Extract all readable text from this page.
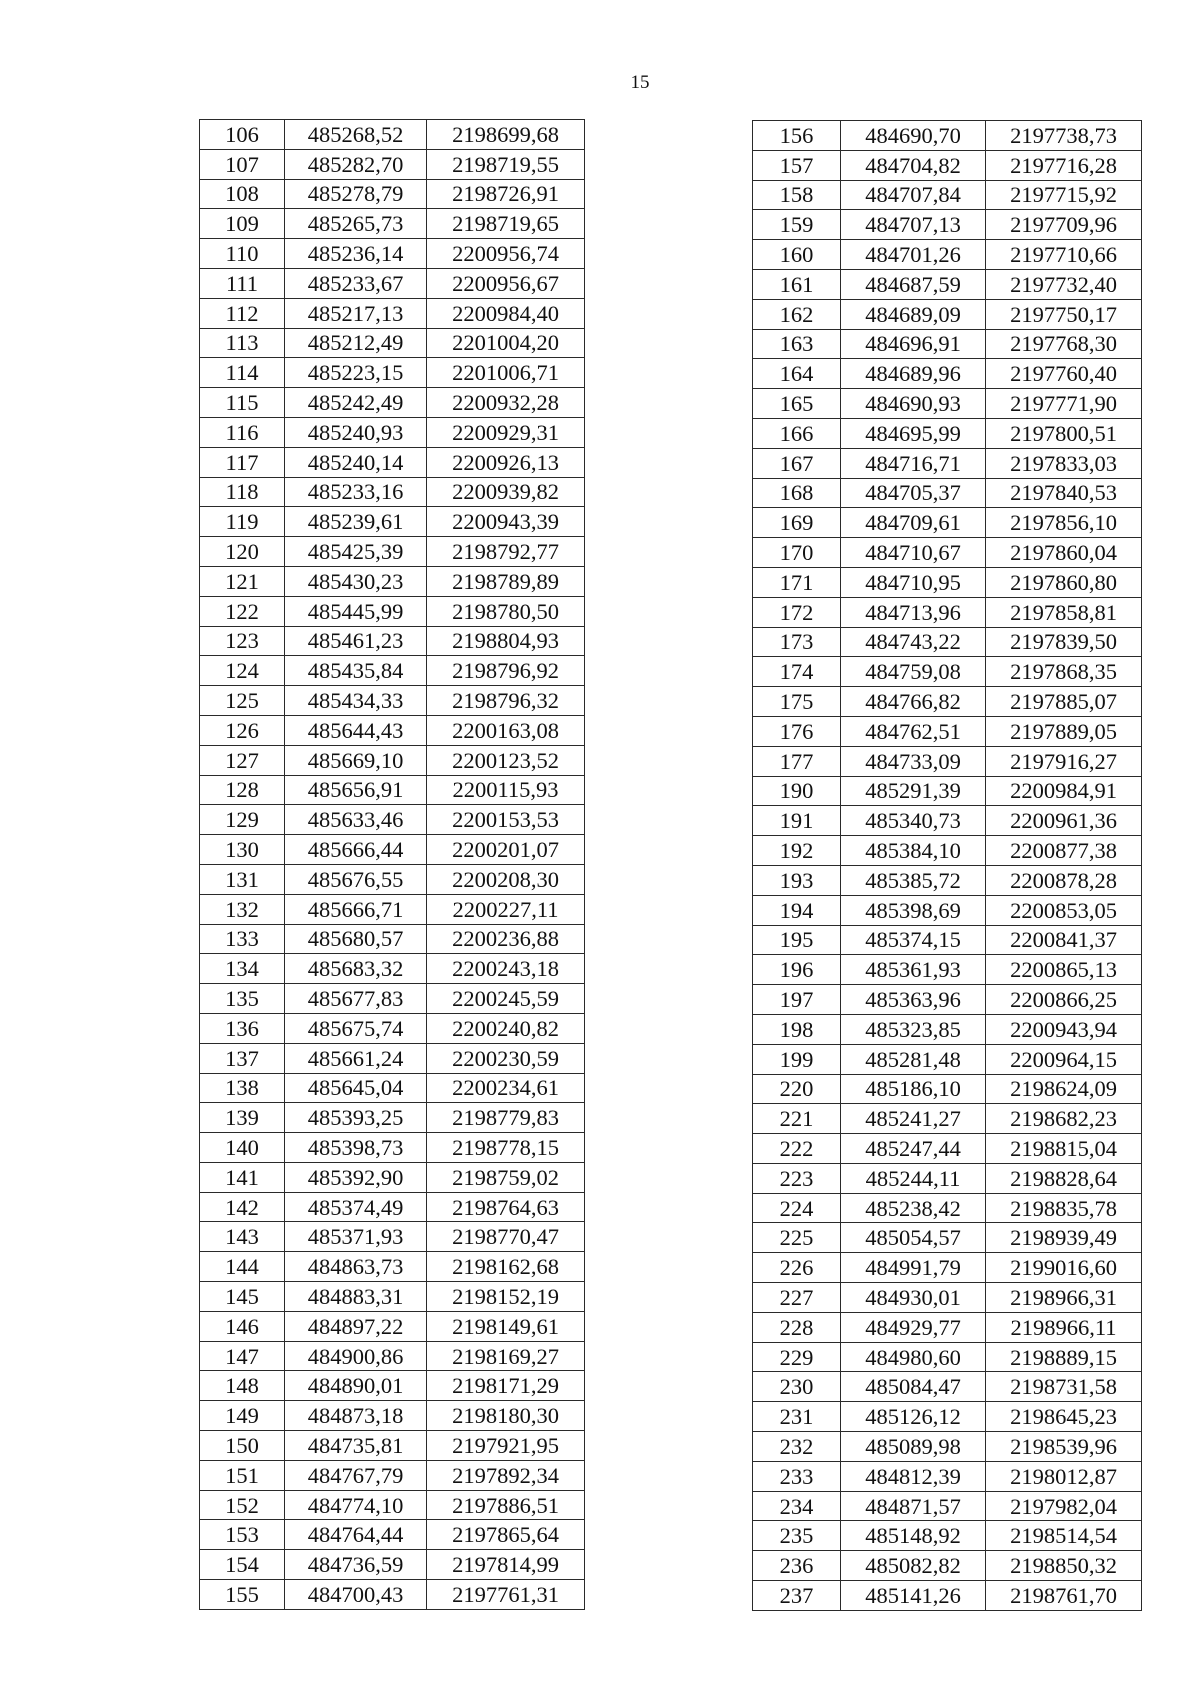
15
106	485268,52	2198699,68
107	485282,70	2198719,55
108	485278,79	2198726,91
109	485265,73	2198719,65
110	485236,14	2200956,74
111	485233,67	2200956,67
112	485217,13	2200984,40
113	485212,49	2201004,20
114	485223,15	2201006,71
115	485242,49	2200932,28
116	485240,93	2200929,31
117	485240,14	2200926,13
118	485233,16	2200939,82
119	485239,61	2200943,39
120	485425,39	2198792,77
121	485430,23	2198789,89
122	485445,99	2198780,50
123	485461,23	2198804,93
124	485435,84	2198796,92
125	485434,33	2198796,32
126	485644,43	2200163,08
127	485669,10	2200123,52
128	485656,91	2200115,93
129	485633,46	2200153,53
130	485666,44	2200201,07
131	485676,55	2200208,30
132	485666,71	2200227,11
133	485680,57	2200236,88
134	485683,32	2200243,18
135	485677,83	2200245,59
136	485675,74	2200240,82
137	485661,24	2200230,59
138	485645,04	2200234,61
139	485393,25	2198779,83
140	485398,73	2198778,15
141	485392,90	2198759,02
142	485374,49	2198764,63
143	485371,93	2198770,47
144	484863,73	2198162,68
145	484883,31	2198152,19
146	484897,22	2198149,61
147	484900,86	2198169,27
148	484890,01	2198171,29
149	484873,18	2198180,30
150	484735,81	2197921,95
151	484767,79	2197892,34
152	484774,10	2197886,51
153	484764,44	2197865,64
154	484736,59	2197814,99
155	484700,43	2197761,31
156	484690,70	2197738,73
157	484704,82	2197716,28
158	484707,84	2197715,92
159	484707,13	2197709,96
160	484701,26	2197710,66
161	484687,59	2197732,40
162	484689,09	2197750,17
163	484696,91	2197768,30
164	484689,96	2197760,40
165	484690,93	2197771,90
166	484695,99	2197800,51
167	484716,71	2197833,03
168	484705,37	2197840,53
169	484709,61	2197856,10
170	484710,67	2197860,04
171	484710,95	2197860,80
172	484713,96	2197858,81
173	484743,22	2197839,50
174	484759,08	2197868,35
175	484766,82	2197885,07
176	484762,51	2197889,05
177	484733,09	2197916,27
190	485291,39	2200984,91
191	485340,73	2200961,36
192	485384,10	2200877,38
193	485385,72	2200878,28
194	485398,69	2200853,05
195	485374,15	2200841,37
196	485361,93	2200865,13
197	485363,96	2200866,25
198	485323,85	2200943,94
199	485281,48	2200964,15
220	485186,10	2198624,09
221	485241,27	2198682,23
222	485247,44	2198815,04
223	485244,11	2198828,64
224	485238,42	2198835,78
225	485054,57	2198939,49
226	484991,79	2199016,60
227	484930,01	2198966,31
228	484929,77	2198966,11
229	484980,60	2198889,15
230	485084,47	2198731,58
231	485126,12	2198645,23
232	485089,98	2198539,96
233	484812,39	2198012,87
234	484871,57	2197982,04
235	485148,92	2198514,54
236	485082,82	2198850,32
237	485141,26	2198761,70
